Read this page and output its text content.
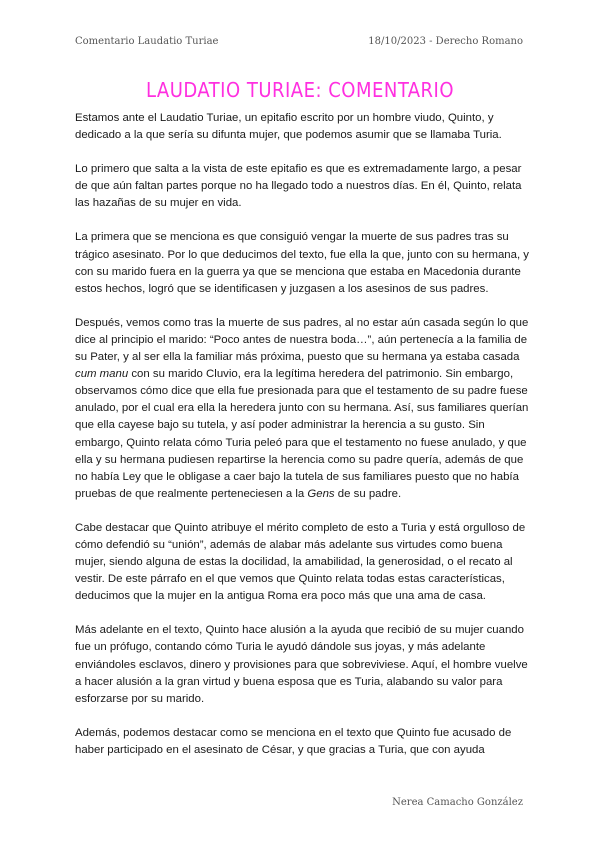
Comentario Laudatio Turiae	18/10/2023 - Derecho Romano
LAUDATIO TURIAE: COMENTARIO

Estamos ante el Laudatio Turiae, un epitafio escrito por un hombre viudo, Quinto, y dedicado a la que sería su difunta mujer, que podemos asumir que se llamaba Turia.

Lo primero que salta a la vista de este epitafio es que es extremadamente largo, a pesar de que aún faltan partes porque no ha llegado todo a nuestros días. En él, Quinto, relata las hazañas de su mujer en vida.

La primera que se menciona es que consiguió vengar la muerte de sus padres tras su trágico asesinato. Por lo que deducimos del texto, fue ella la que, junto con su hermana, y con su marido fuera en la guerra ya que se menciona que estaba en Macedonia durante estos hechos, logró que se identificasen y juzgasen a los asesinos de sus padres.

Después, vemos como tras la muerte de sus padres, al no estar aún casada según lo que dice al principio el marido: “Poco antes de nuestra boda…”, aún pertenecía a la familia de su Pater, y al ser ella la familiar más próxima, puesto que su hermana ya estaba casada cum manu con su marido Cluvio, era la legítima heredera del patrimonio. Sin embargo, observamos cómo dice que ella fue presionada para que el testamento de su padre fuese anulado, por el cual era ella la heredera junto con su hermana. Así, sus familiares querían que ella cayese bajo su tutela, y así poder administrar la herencia a su gusto. Sin embargo, Quinto relata cómo Turia peleó para que el testamento no fuese anulado, y que ella y su hermana pudiesen repartirse la herencia como su padre quería, además de que no había Ley que le obligase a caer bajo la tutela de sus familiares puesto que no había pruebas de que realmente perteneciesen a la Gens de su padre.

Cabe destacar que Quinto atribuye el mérito completo de esto a Turia y está orgulloso de cómo defendió su “unión”, además de alabar más adelante sus virtudes como buena mujer, siendo alguna de estas la docilidad, la amabilidad, la generosidad, o el recato al vestir. De este párrafo en el que vemos que Quinto relata todas estas características, deducimos que la mujer en la antigua Roma era poco más que una ama de casa.

Más adelante en el texto, Quinto hace alusión a la ayuda que recibió de su mujer cuando fue un prófugo, contando cómo Turia le ayudó dándole sus joyas, y más adelante enviándoles esclavos, dinero y provisiones para que sobreviviese. Aquí, el hombre vuelve a hacer alusión a la gran virtud y buena esposa que es Turia, alabando su valor para esforzarse por su marido.

Además, podemos destacar como se menciona en el texto que Quinto fue acusado de haber participado en el asesinato de César, y que gracias a Turia, que con ayuda

Nerea Camacho González
